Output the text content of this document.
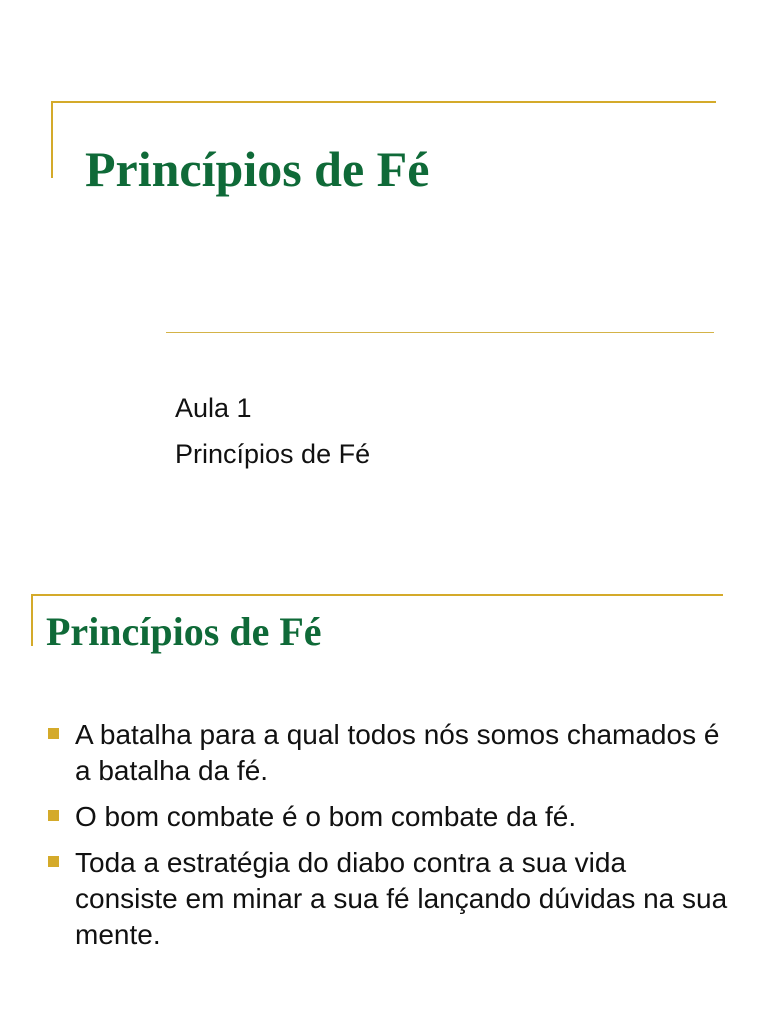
Princípios de Fé
Aula 1
Princípios de Fé
Princípios de Fé
A batalha para a qual todos nós somos chamados é a batalha da fé.
O bom combate é o bom combate da fé.
Toda a estratégia do diabo contra a sua vida consiste em minar a sua fé lançando dúvidas na sua mente.
